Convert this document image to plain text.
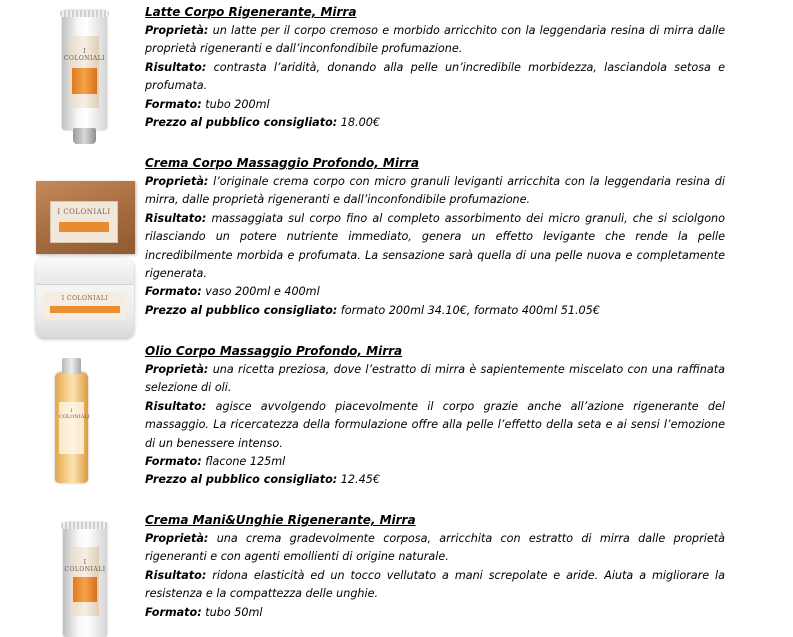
I COLONIALI
I COLONIALI
I COLONIALI
I COLONIALI
I COLONIALI

Latte Corpo Rigenerante, Mirra

Proprietà: un latte per il corpo cremoso e morbido arricchito con la leggendaria resina di mirra dalle proprietà rigeneranti e dall’inconfondibile profumazione.

Risultato: contrasta l’aridità, donando alla pelle un’incredibile morbidezza, lasciandola setosa e profumata.

Formato: tubo 200ml

Prezzo al pubblico consigliato: 18.00€

Crema Corpo Massaggio Profondo, Mirra

Proprietà: l’originale crema corpo con micro granuli leviganti arricchita con la leggendaria resina di mirra, dalle proprietà rigeneranti e dall’inconfondibile profumazione.

Risultato: massaggiata sul corpo fino al completo assorbimento dei micro granuli, che si sciolgono rilasciando un potere nutriente immediato, genera un effetto levigante che rende la pelle incredibilmente morbida e profumata. La sensazione sarà quella di una pelle nuova e completamente rigenerata.

Formato: vaso 200ml e 400ml

Prezzo al pubblico consigliato: formato 200ml 34.10€, formato 400ml 51.05€

Olio Corpo Massaggio Profondo, Mirra

Proprietà: una ricetta preziosa, dove l’estratto di mirra è sapientemente miscelato con una raffinata selezione di oli.

Risultato: agisce avvolgendo piacevolmente il corpo grazie anche all’azione rigenerante del massaggio. La ricercatezza della formulazione offre alla pelle l’effetto della seta e ai sensi l’emozione di un benessere intenso.

Formato: flacone 125ml

Prezzo al pubblico consigliato: 12.45€

Crema Mani&Unghie Rigenerante, Mirra

Proprietà: una crema gradevolmente corposa, arricchita con estratto di mirra dalle proprietà rigeneranti e con agenti emollienti di origine naturale.

Risultato: ridona elasticità ed un tocco vellutato a mani screpolate e aride. Aiuta a migliorare la resistenza e la compattezza delle unghie.

Formato: tubo 50ml
